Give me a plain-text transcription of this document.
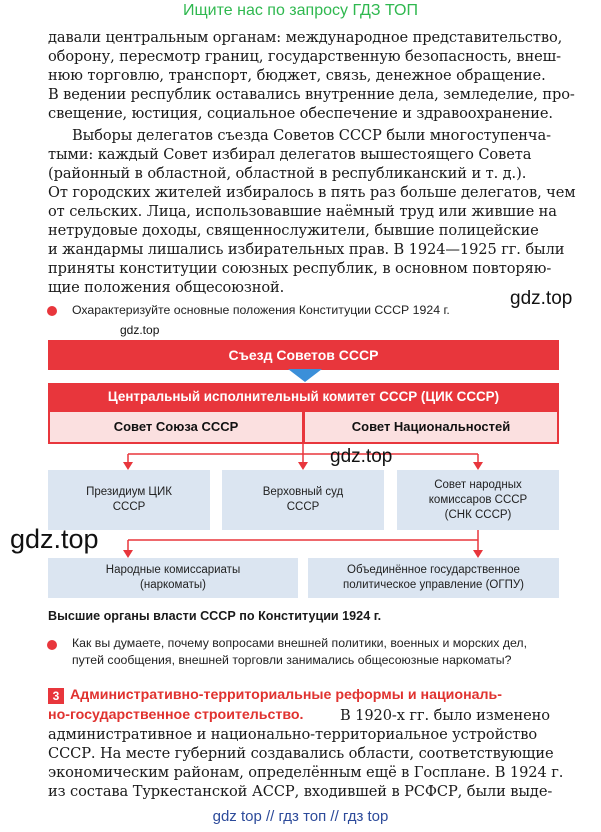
Ищите нас по запросу ГДЗ ТОП
давали центральным органам: международное представительство,
оборону, пересмотр границ, государственную безопасность, внеш-
нюю торговлю, транспорт, бюджет, связь, денежное обращение.
В ведении республик оставались внутренние дела, земледелие, про-
свещение, юстиция, социальное обеспечение и здравоохранение.
Выборы делегатов съезда Советов СССР были многоступенча-
тыми: каждый Совет избирал делегатов вышестоящего Совета
(районный в областной, областной в республиканский и т. д.).
От городских жителей избиралось в пять раз больше делегатов, чем
от сельских. Лица, использовавшие наёмный труд или жившие на
нетрудовые доходы, священнослужители, бывшие полицейские
и жандармы лишались избирательных прав. В 1924—1925 гг. были
приняты конституции союзных республик, в основном повторяю-
щие положения общесоюзной.
gdz.top
Охарактеризуйте основные положения Конституции СССР 1924 г.
gdz.top
Съезд Советов СССР
Центральный исполнительный комитет СССР (ЦИК СССР)
Совет Союза СССР	Совет Национальностей
gdz.top
Президиум ЦИК
СССР
Верховный суд
СССР
Совет народных
комиссаров СССР
(СНК СССР)
gdz.top
Народные комиссариаты
(наркоматы)
Объединённое государственное
политическое управление (ОГПУ)
Высшие органы власти СССР по Конституции 1924 г.
Как вы думаете, почему вопросами внешней политики, военных и морских дел,
путей сообщения, внешней торговли занимались общесоюзные наркоматы?
3 Административно-территориальные реформы и националь-
но-государственное строительство.	В 1920-х гг. было изменено
административное и национально-территориальное устройство
СССР. На месте губерний создавались области, соответствующие
экономическим районам, определённым ещё в Госплане. В 1924 г.
из состава Туркестанской АССР, входившей в РСФСР, были выде-
gdz top // гдз топ // гдз top
